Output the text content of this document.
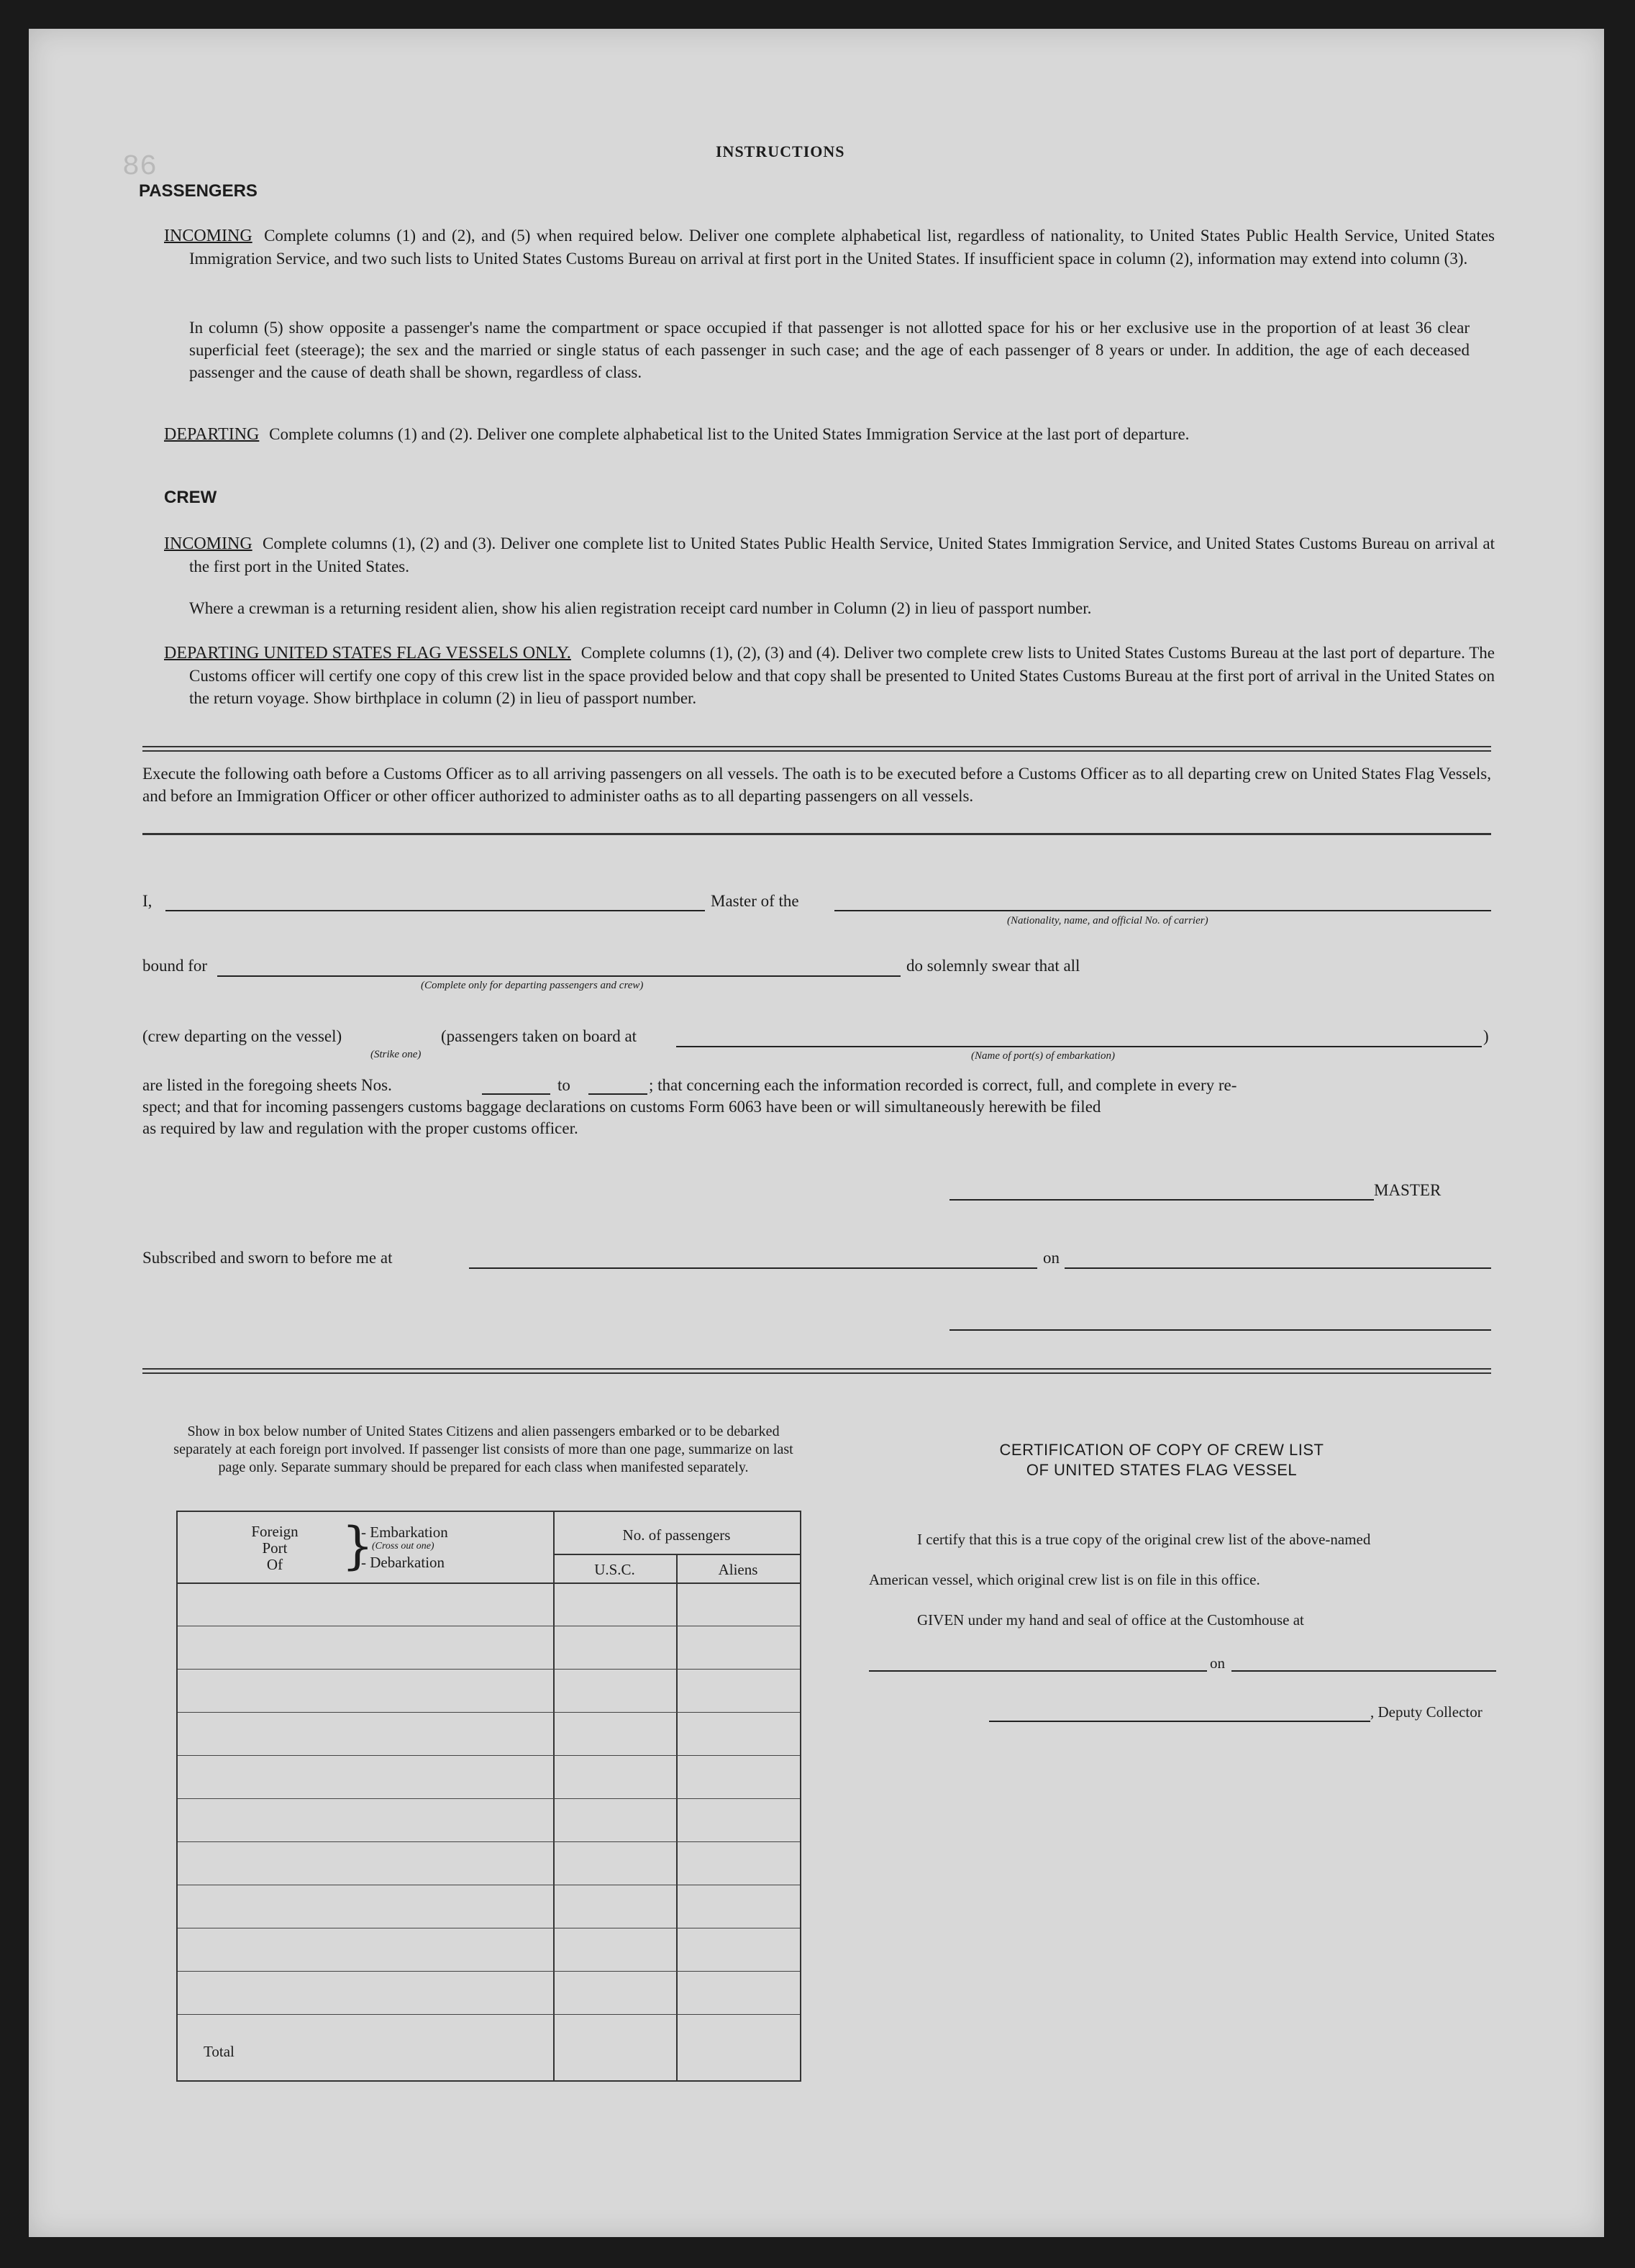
86	INSTRUCTIONS
PASSENGERS
INCOMING Complete columns (1) and (2), and (5) when required below. Deliver one complete alphabetical list, regardless of nationality, to United States Public Health Service, United States Immigration Service, and two such lists to United States Customs Bureau on arrival at first port in the United States. If insufficient space in column (2), information may extend into column (3).
In column (5) show opposite a passenger's name the compartment or space occupied if that passenger is not allotted space for his or her exclusive use in the proportion of at least 36 clear superficial feet (steerage); the sex and the married or single status of each passenger in such case; and the age of each passenger of 8 years or under. In addition, the age of each deceased passenger and the cause of death shall be shown, regardless of class.
DEPARTING Complete columns (1) and (2). Deliver one complete alphabetical list to the United States Immigration Service at the last port of departure.
CREW
INCOMING Complete columns (1), (2) and (3). Deliver one complete list to United States Public Health Service, United States Immigration Service, and United States Customs Bureau on arrival at the first port in the United States.
Where a crewman is a returning resident alien, show his alien registration receipt card number in Column (2) in lieu of passport number.
DEPARTING UNITED STATES FLAG VESSELS ONLY. Complete columns (1), (2), (3) and (4). Deliver two complete crew lists to United States Customs Bureau at the last port of departure. The Customs officer will certify one copy of this crew list in the space provided below and that copy shall be presented to United States Customs Bureau at the first port of arrival in the United States on the return voyage. Show birthplace in column (2) in lieu of passport number.
Execute the following oath before a Customs Officer as to all arriving passengers on all vessels. The oath is to be executed before a Customs Officer as to all departing crew on United States Flag Vessels, and before an Immigration Officer or other officer authorized to administer oaths as to all departing passengers on all vessels.
I,	Master of the
(Nationality, name, and official No. of carrier)
bound for
(Complete only for departing passengers and crew)
do solemnly swear that all
(crew departing on the vessel)
(Strike one)
(passengers taken on board at
(Name of port(s) of embarkation)
)
are listed in the foregoing sheets Nos.	to	; that concerning each the information recorded is correct, full, and complete in every re-
spect; and that for incoming passengers customs baggage declarations on customs Form 6063 have been or will simultaneously herewith be filed
as required by law and regulation with the proper customs officer.
MASTER
Subscribed and sworn to before me at	on
Show in box below number of United States Citizens and alien passengers embarked or to be debarked separately at each foreign port involved. If passenger list consists of more than one page, summarize on last page only. Separate summary should be prepared for each class when manifested separately.
Foreign
Port
Of	}
- Embarkation
(Cross out one)
- Debarkation
No. of passengers
U.S.C.	Aliens
Total
CERTIFICATION OF COPY OF CREW LIST
OF UNITED STATES FLAG VESSEL
I certify that this is a true copy of the original crew list of the above-named
American vessel, which original crew list is on file in this office.
GIVEN under my hand and seal of office at the Customhouse at
on
, Deputy Collector
